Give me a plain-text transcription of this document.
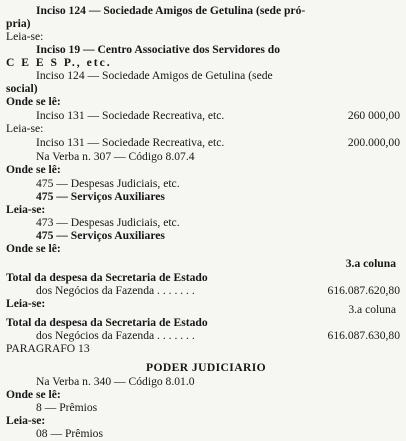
Inciso 124 — Sociedade Amigos de Getulina (sede pró-
pria)
Leia-se:
Inciso 19 — Centro Associative dos Servidores do
C E E S P., etc.
Inciso 124 — Sociedade Amigos de Getulina (sede
social)
Onde se lê:
Inciso 131 — Sociedade Recreativa, etc.	260 000,00
Leia-se:
Inciso 131 — Sociedade Recreativa, etc.	200.000,00
Na Verba n. 307 — Código 8.07.4
Onde se lê:
475 — Despesas Judiciais, etc.
475 — Serviços Auxiliares
Leia-se:
473 — Despesas Judiciais, etc.
475 — Serviços Auxiliares
Onde se lê:
3.a coluna
Total da despesa da Secretaria de Estado
dos Negócios da Fazenda . . . . . . .	616.087.620,80
Leia-se:	3.a coluna
Total da despesa da Secretaria de Estado
dos Negócios da Fazenda . . . . . . .	616.087.630,80
PARAGRAFO 13
PODER JUDICIARIO
Na Verba n. 340 — Código 8.01.0
Onde se lê:
8 — Prêmios
Leia-se:
08 — Prêmios
